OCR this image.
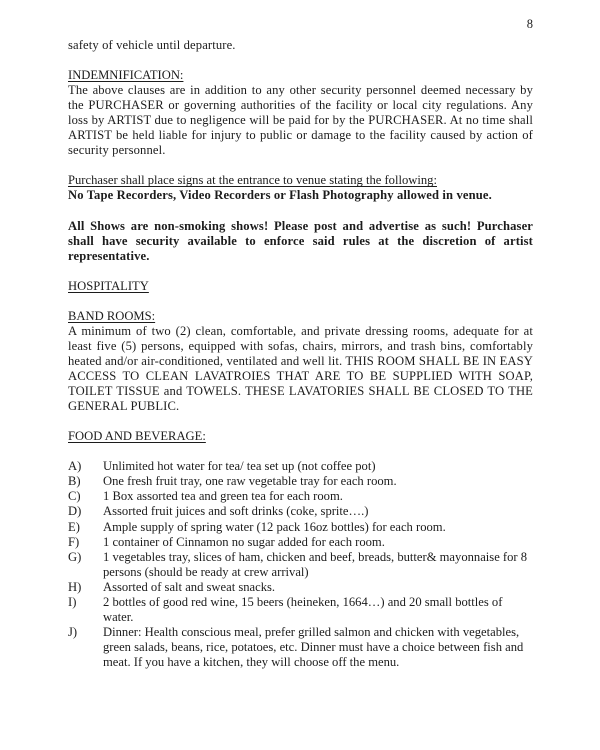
8

safety of vehicle until departure.

INDEMNIFICATION:

The above clauses are in addition to any other security personnel deemed necessary by the PURCHASER or governing authorities of the facility or local city regulations. Any loss by ARTIST due to negligence will be paid for by the PURCHASER. At no time shall ARTIST be held liable for injury to public or damage to the facility caused by action of security personnel.

Purchaser shall place signs at the entrance to venue stating the following:

No Tape Recorders, Video Recorders or Flash Photography allowed in venue.

All Shows are non-smoking shows! Please post and advertise as such! Purchaser shall have security available to enforce said rules at the discretion of artist representative.

HOSPITALITY
BAND ROOMS:

A minimum of two (2) clean, comfortable, and private dressing rooms, adequate for at least five (5) persons, equipped with sofas, chairs, mirrors, and trash bins, comfortably heated and/or air-conditioned, ventilated and well lit. THIS ROOM SHALL BE IN EASY ACCESS TO CLEAN LAVATROIES THAT ARE TO BE SUPPLIED WITH SOAP, TOILET TISSUE and TOWELS. THESE LAVATORIES SHALL BE CLOSED TO THE GENERAL PUBLIC.

FOOD AND BEVERAGE:
A)	Unlimited hot water for tea/ tea set up (not coffee pot)
B)	One fresh fruit tray, one raw vegetable tray for each room.
C)	1 Box assorted tea and green tea for each room.
D)	Assorted fruit juices and soft drinks (coke, sprite….)
E)	Ample supply of spring water (12 pack 16oz bottles) for each room.
F)	1 container of Cinnamon no sugar added for each room.
G)	1 vegetables tray, slices of ham, chicken and beef, breads, butter& mayonnaise for 8 persons (should be ready at crew arrival)
H)	Assorted of salt and sweat snacks.
I)	2 bottles of good red wine, 15 beers (heineken, 1664…) and 20 small bottles of water.
J)	Dinner: Health conscious meal, prefer grilled salmon and chicken with vegetables, green salads, beans, rice, potatoes, etc. Dinner must have a choice between fish and meat. If you have a kitchen, they will choose off the menu.
